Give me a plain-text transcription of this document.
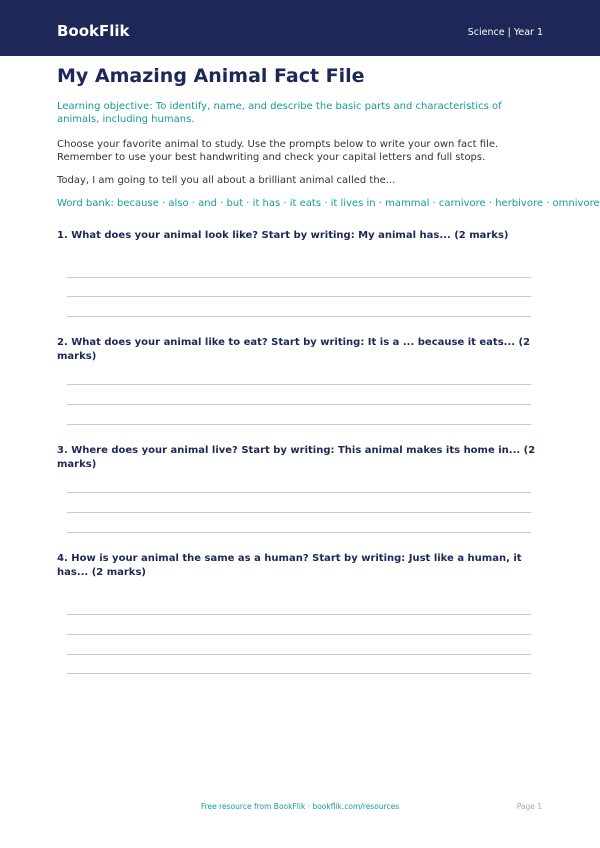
BookFlik	Science | Year 1
My Amazing Animal Fact File
Learning objective: To identify, name, and describe the basic parts and characteristics of animals, including humans.
Choose your favorite animal to study. Use the prompts below to write your own fact file. Remember to use your best handwriting and check your capital letters and full stops.
Today, I am going to tell you all about a brilliant animal called the...
Word bank: because · also · and · but · it has · it eats · it lives in · mammal · carnivore · herbivore · omnivore
1. What does your animal look like? Start by writing: My animal has... (2 marks)
2. What does your animal like to eat? Start by writing: It is a ... because it eats... (2 marks)
3. Where does your animal live? Start by writing: This animal makes its home in... (2 marks)
4. How is your animal the same as a human? Start by writing: Just like a human, it has... (2 marks)
Free resource from BookFlik · bookflik.com/resources	Page 1
